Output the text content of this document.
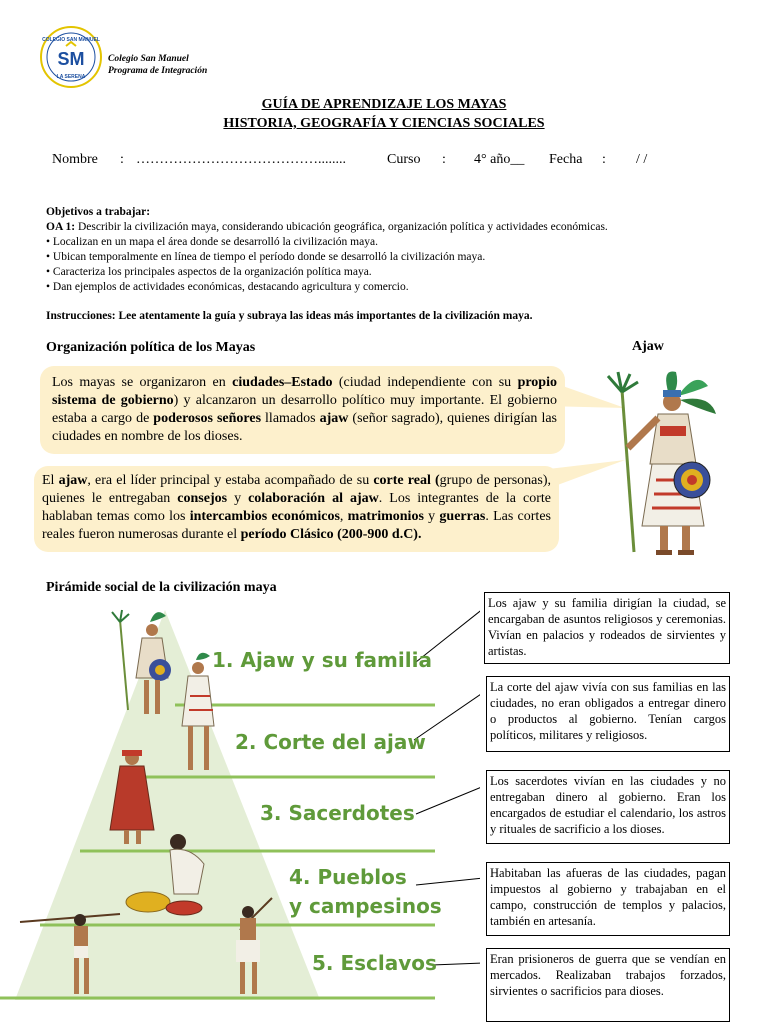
COLEGIO SAN MANUEL
SM
LA SERENA
Colegio San Manuel
Programa de Integración
GUÍA DE APRENDIZAJE LOS MAYAS
HISTORIA, GEOGRAFÍA Y CIENCIAS SOCIALES
Nombre : …………………………………........	Curso : 4° año__ Fecha : / /
Objetivos a trabajar:
OA 1: Describir la civilización maya, considerando ubicación geográfica, organización política y actividades económicas.
• Localizan en un mapa el área donde se desarrolló la civilización maya.
• Ubican temporalmente en línea de tiempo el período donde se desarrolló la civilización maya.
• Caracteriza los principales aspectos de la organización política maya.
• Dan ejemplos de actividades económicas, destacando agricultura y comercio.
Instrucciones: Lee atentamente la guía y subraya las ideas más importantes de la civilización maya.
Organización política de los Mayas	Ajaw
Los mayas se organizaron en ciudades–Estado (ciudad independiente con su propio sistema de gobierno) y alcanzaron un desarrollo político muy importante. El gobierno estaba a cargo de poderosos señores llamados ajaw (señor sagrado), quienes dirigían las ciudades en nombre de los dioses.
El ajaw, era el líder principal y estaba acompañado de su corte real (grupo de personas), quienes le entregaban consejos y colaboración al ajaw. Los integrantes de la corte hablaban temas como los intercambios económicos, matrimonios y guerras. Las cortes reales fueron numerosas durante el período Clásico (200-900 d.C).
Pirámide social de la civilización maya
1. Ajaw y su familia
2. Corte del ajaw
3. Sacerdotes
4. Pueblos
y campesinos
5. Esclavos
Los ajaw y su familia dirigían la ciudad, se encargaban de asuntos religiosos y ceremonias. Vivían en palacios y rodeados de sirvientes y artistas.
La corte del ajaw vivía con sus familias en las ciudades, no eran obligados a entregar dinero o productos al gobierno. Tenían cargos políticos, militares y religiosos.
Los sacerdotes vivían en las ciudades y no entregaban dinero al gobierno. Eran los encargados de estudiar el calendario, los astros y rituales de sacrificio a los dioses.
Habitaban las afueras de las ciudades, pagan impuestos al gobierno y trabajaban en el campo, construcción de templos y palacios, también en artesanía.
Eran prisioneros de guerra que se vendían en mercados. Realizaban trabajos forzados, sirvientes o sacrificios para dioses.
